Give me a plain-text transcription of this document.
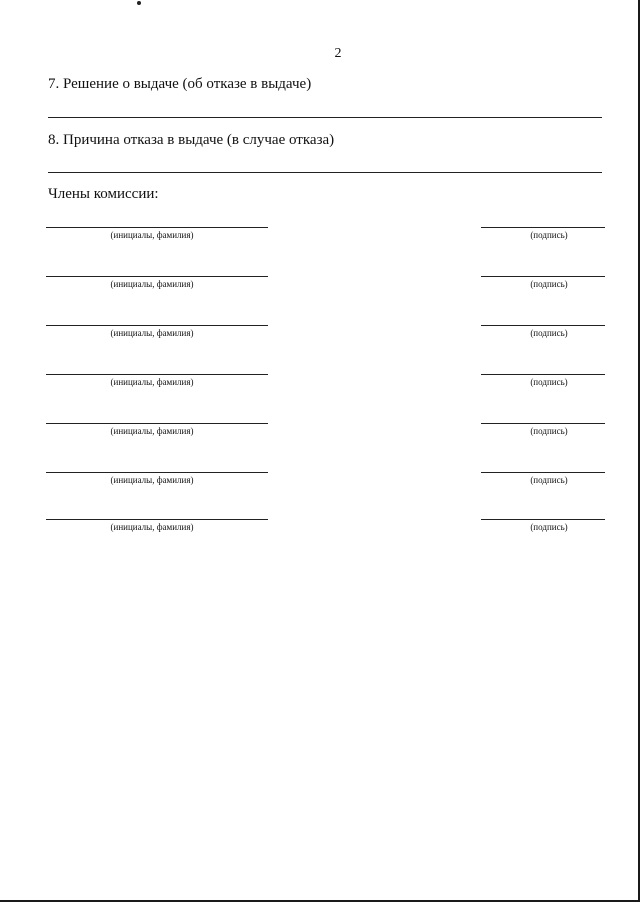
2
7. Решение о выдаче (об отказе в выдаче)
8. Причина отказа в выдаче (в случае отказа)
Члены комиссии:
(инициалы, фамилия)	(подпись)
(инициалы, фамилия)	(подпись)
(инициалы, фамилия)	(подпись)
(инициалы, фамилия)	(подпись)
(инициалы, фамилия)	(подпись)
(инициалы, фамилия)	(подпись)
(инициалы, фамилия)	(подпись)
